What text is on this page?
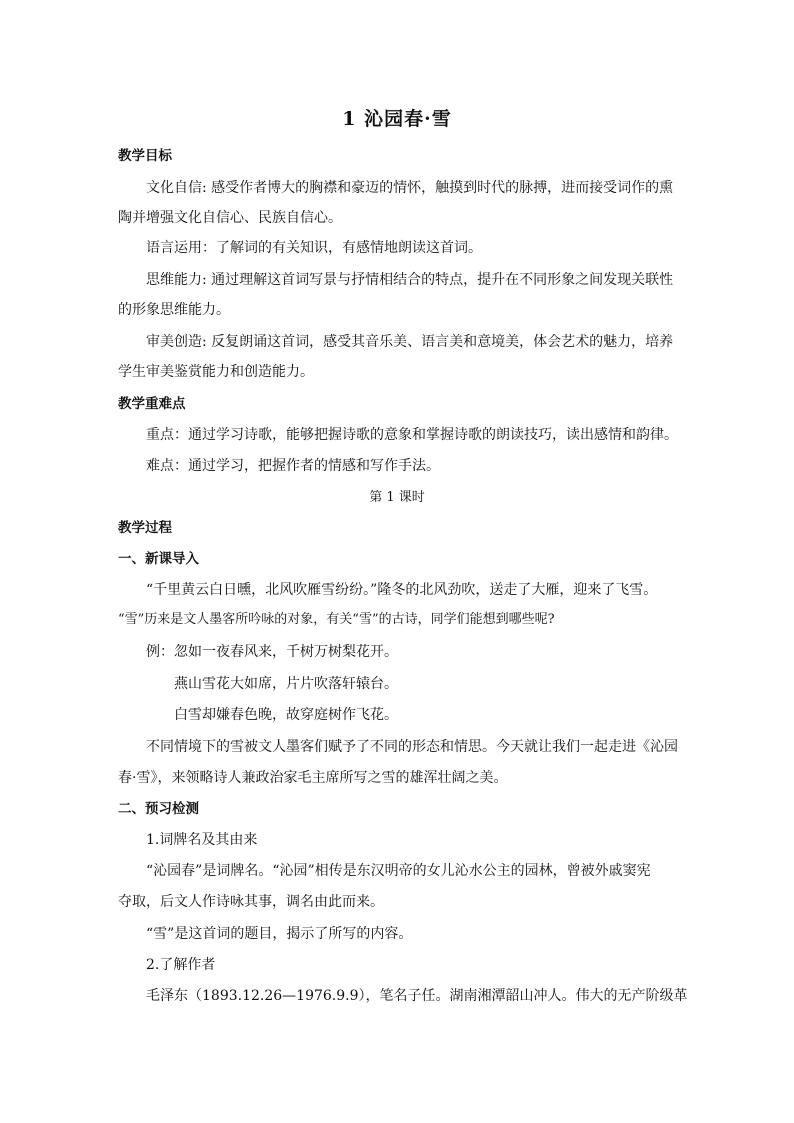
1 沁园春·雪
教学目标
文化自信: 感受作者博大的胸襟和豪迈的情怀，触摸到时代的脉搏，进而接受词作的熏
陶并增强文化自信心、民族自信心。
语言运用：了解词的有关知识，有感情地朗读这首词。
思维能力: 通过理解这首词写景与抒情相结合的特点，提升在不同形象之间发现关联性
的形象思维能力。
审美创造: 反复朗诵这首词，感受其音乐美、语言美和意境美，体会艺术的魅力，培养
学生审美鉴赏能力和创造能力。
教学重难点
重点：通过学习诗歌，能够把握诗歌的意象和掌握诗歌的朗读技巧，读出感情和韵律。
难点：通过学习，把握作者的情感和写作手法。
第 1 课时
教学过程
一、新课导入
“千里黄云白日曛，北风吹雁雪纷纷。”隆冬的北风劲吹，送走了大雁，迎来了飞雪。
“雪”历来是文人墨客所吟咏的对象，有关“雪”的古诗，同学们能想到哪些呢?
例：忽如一夜春风来，千树万树梨花开。
燕山雪花大如席，片片吹落轩辕台。
白雪却嫌春色晚，故穿庭树作飞花。
不同情境下的雪被文人墨客们赋予了不同的形态和情思。今天就让我们一起走进《沁园
春·雪》，来领略诗人兼政治家毛主席所写之雪的雄浑壮阔之美。
二、预习检测
1.词牌名及其由来
“沁园春”是词牌名。“沁园”相传是东汉明帝的女儿沁水公主的园林，曾被外戚窦宪
夺取，后文人作诗咏其事，调名由此而来。
“雪”是这首词的题目，揭示了所写的内容。
2.了解作者
毛泽东（1893.12.26—1976.9.9），笔名子任。湖南湘潭韶山冲人。伟大的无产阶级革
